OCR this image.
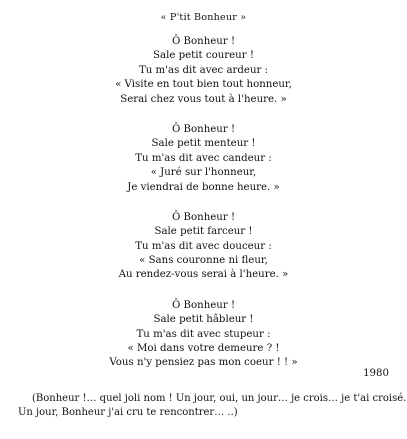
« P'tit Bonheur »
Ô Bonheur !
Sale petit coureur !
Tu m'as dit avec ardeur :
« Visite en tout bien tout honneur,
Serai chez vous tout à l'heure. »
Ô Bonheur !
Sale petit menteur !
Tu m'as dit avec candeur :
« Juré sur l'honneur,
Je viendrai de bonne heure. »
Ô Bonheur !
Sale petit farceur !
Tu m'as dit avec douceur :
« Sans couronne ni fleur,
Au rendez-vous serai à l'heure. »
Ô Bonheur !
Sale petit hâbleur !
Tu m'as dit avec stupeur :
« Moi dans votre demeure ? !
Vous n'y pensiez pas mon coeur ! ! »
1980
(Bonheur !… quel joli nom ! Un jour, oui, un jour… je crois… je t'ai croisé.
Un jour, Bonheur j'ai cru te rencontrer… ..)
